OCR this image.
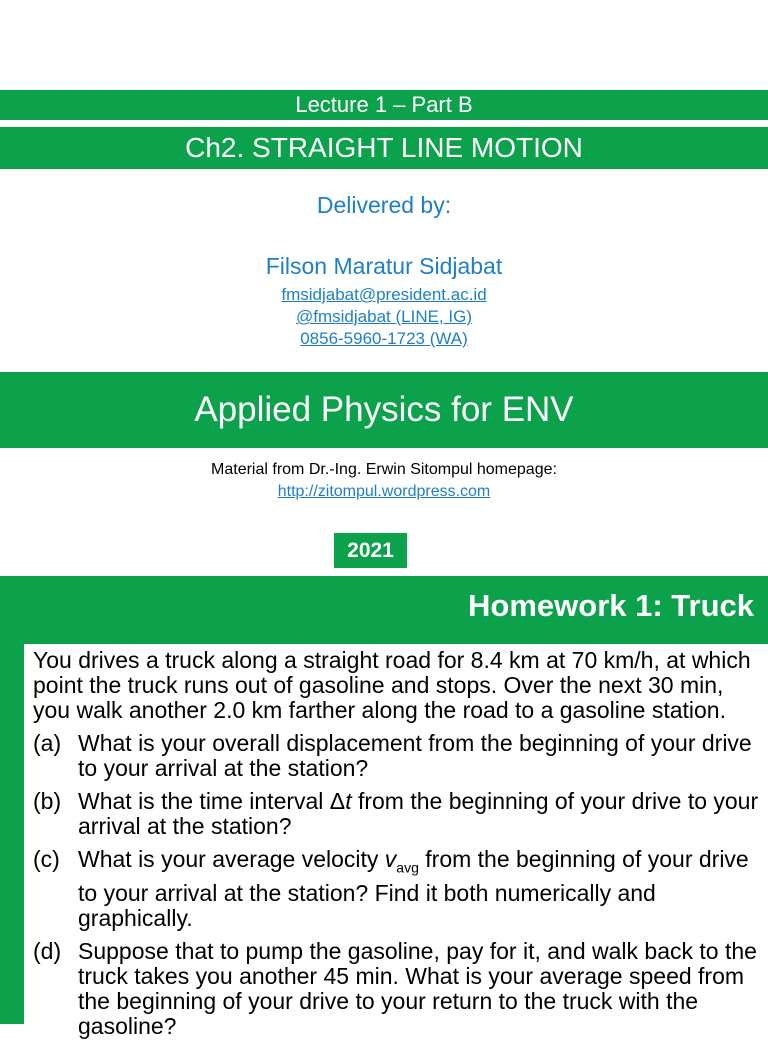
Lecture 1 – Part B
Ch2. STRAIGHT LINE MOTION
Delivered by:
Filson Maratur Sidjabat
fmsidjabat@president.ac.id
@fmsidjabat (LINE, IG)
0856-5960-1723 (WA)
Applied Physics for ENV
Material from Dr.-Ing. Erwin Sitompul homepage:
http://zitompul.wordpress.com
2021
Homework 1: Truck
You drives a truck along a straight road for 8.4 km at 70 km/h, at which point the truck runs out of gasoline and stops. Over the next 30 min, you walk another 2.0 km farther along the road to a gasoline station.
(a) What is your overall displacement from the beginning of your drive to your arrival at the station?
(b) What is the time interval Δt from the beginning of your drive to your arrival at the station?
(c) What is your average velocity $v_{avg}$ from the beginning of your drive to your arrival at the station? Find it both numerically and graphically.
(d) Suppose that to pump the gasoline, pay for it, and walk back to the truck takes you another 45 min. What is your average speed from the beginning of your drive to your return to the truck with the gasoline?
